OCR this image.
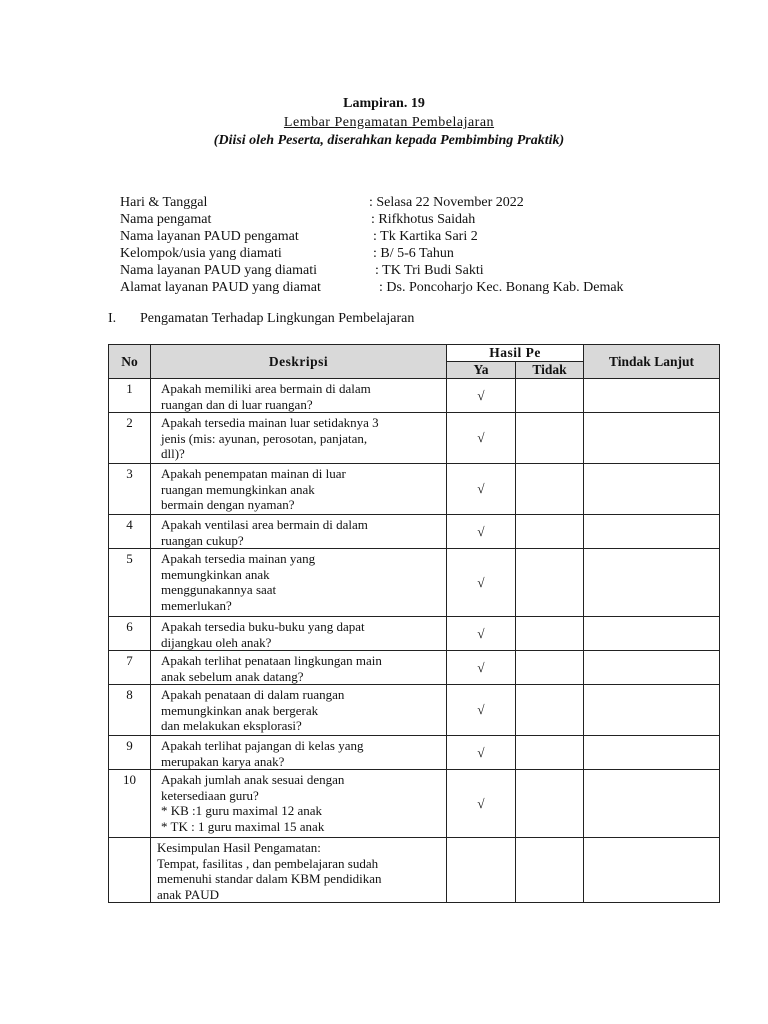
Lampiran. 19
Lembar Pengamatan Pembelajaran
(Diisi oleh Peserta, diserahkan kepada Pembimbing Praktik)
Hari & Tanggal	: Selasa 22 November 2022
Nama pengamat	: Rifkhotus Saidah
Nama layanan PAUD pengamat	: Tk Kartika Sari 2
Kelompok/usia yang diamati	: B/ 5-6 Tahun
Nama layanan PAUD yang diamati	: TK Tri Budi Sakti
Alamat layanan PAUD yang diamat	: Ds. Poncoharjo Kec. Bonang Kab. Demak
I. Pengamatan Terhadap Lingkungan Pembelajaran
No	Deskripsi	Hasil Pe		Tindak Lanjut
		Ya	Tidak	
1	Apakah memiliki area bermain di dalam
ruangan dan di luar ruangan?	√		
2	Apakah tersedia mainan luar setidaknya 3
jenis (mis: ayunan, perosotan, panjatan,
dll)?	√		
3	Apakah penempatan mainan di luar
ruangan memungkinkan anak
bermain dengan nyaman?	√		
4	Apakah ventilasi area bermain di dalam
ruangan cukup?	√		
5	Apakah tersedia mainan yang
memungkinkan anak
menggunakannya saat
memerlukan?	√		
6	Apakah tersedia buku-buku yang dapat
dijangkau oleh anak?	√		
7	Apakah terlihat penataan lingkungan main
anak sebelum anak datang?	√		
8	Apakah penataan di dalam ruangan
memungkinkan anak bergerak
dan melakukan eksplorasi?	√		
9	Apakah terlihat pajangan di kelas yang
merupakan karya anak?	√		
10	Apakah jumlah anak sesuai dengan
ketersediaan guru?
* KB :1 guru maximal 12 anak
* TK : 1 guru maximal 15 anak	√		

	Kesimpulan Hasil Pengamatan:
Tempat, fasilitas , dan pembelajaran sudah
memenuhi standar dalam KBM pendidikan
anak PAUD			
